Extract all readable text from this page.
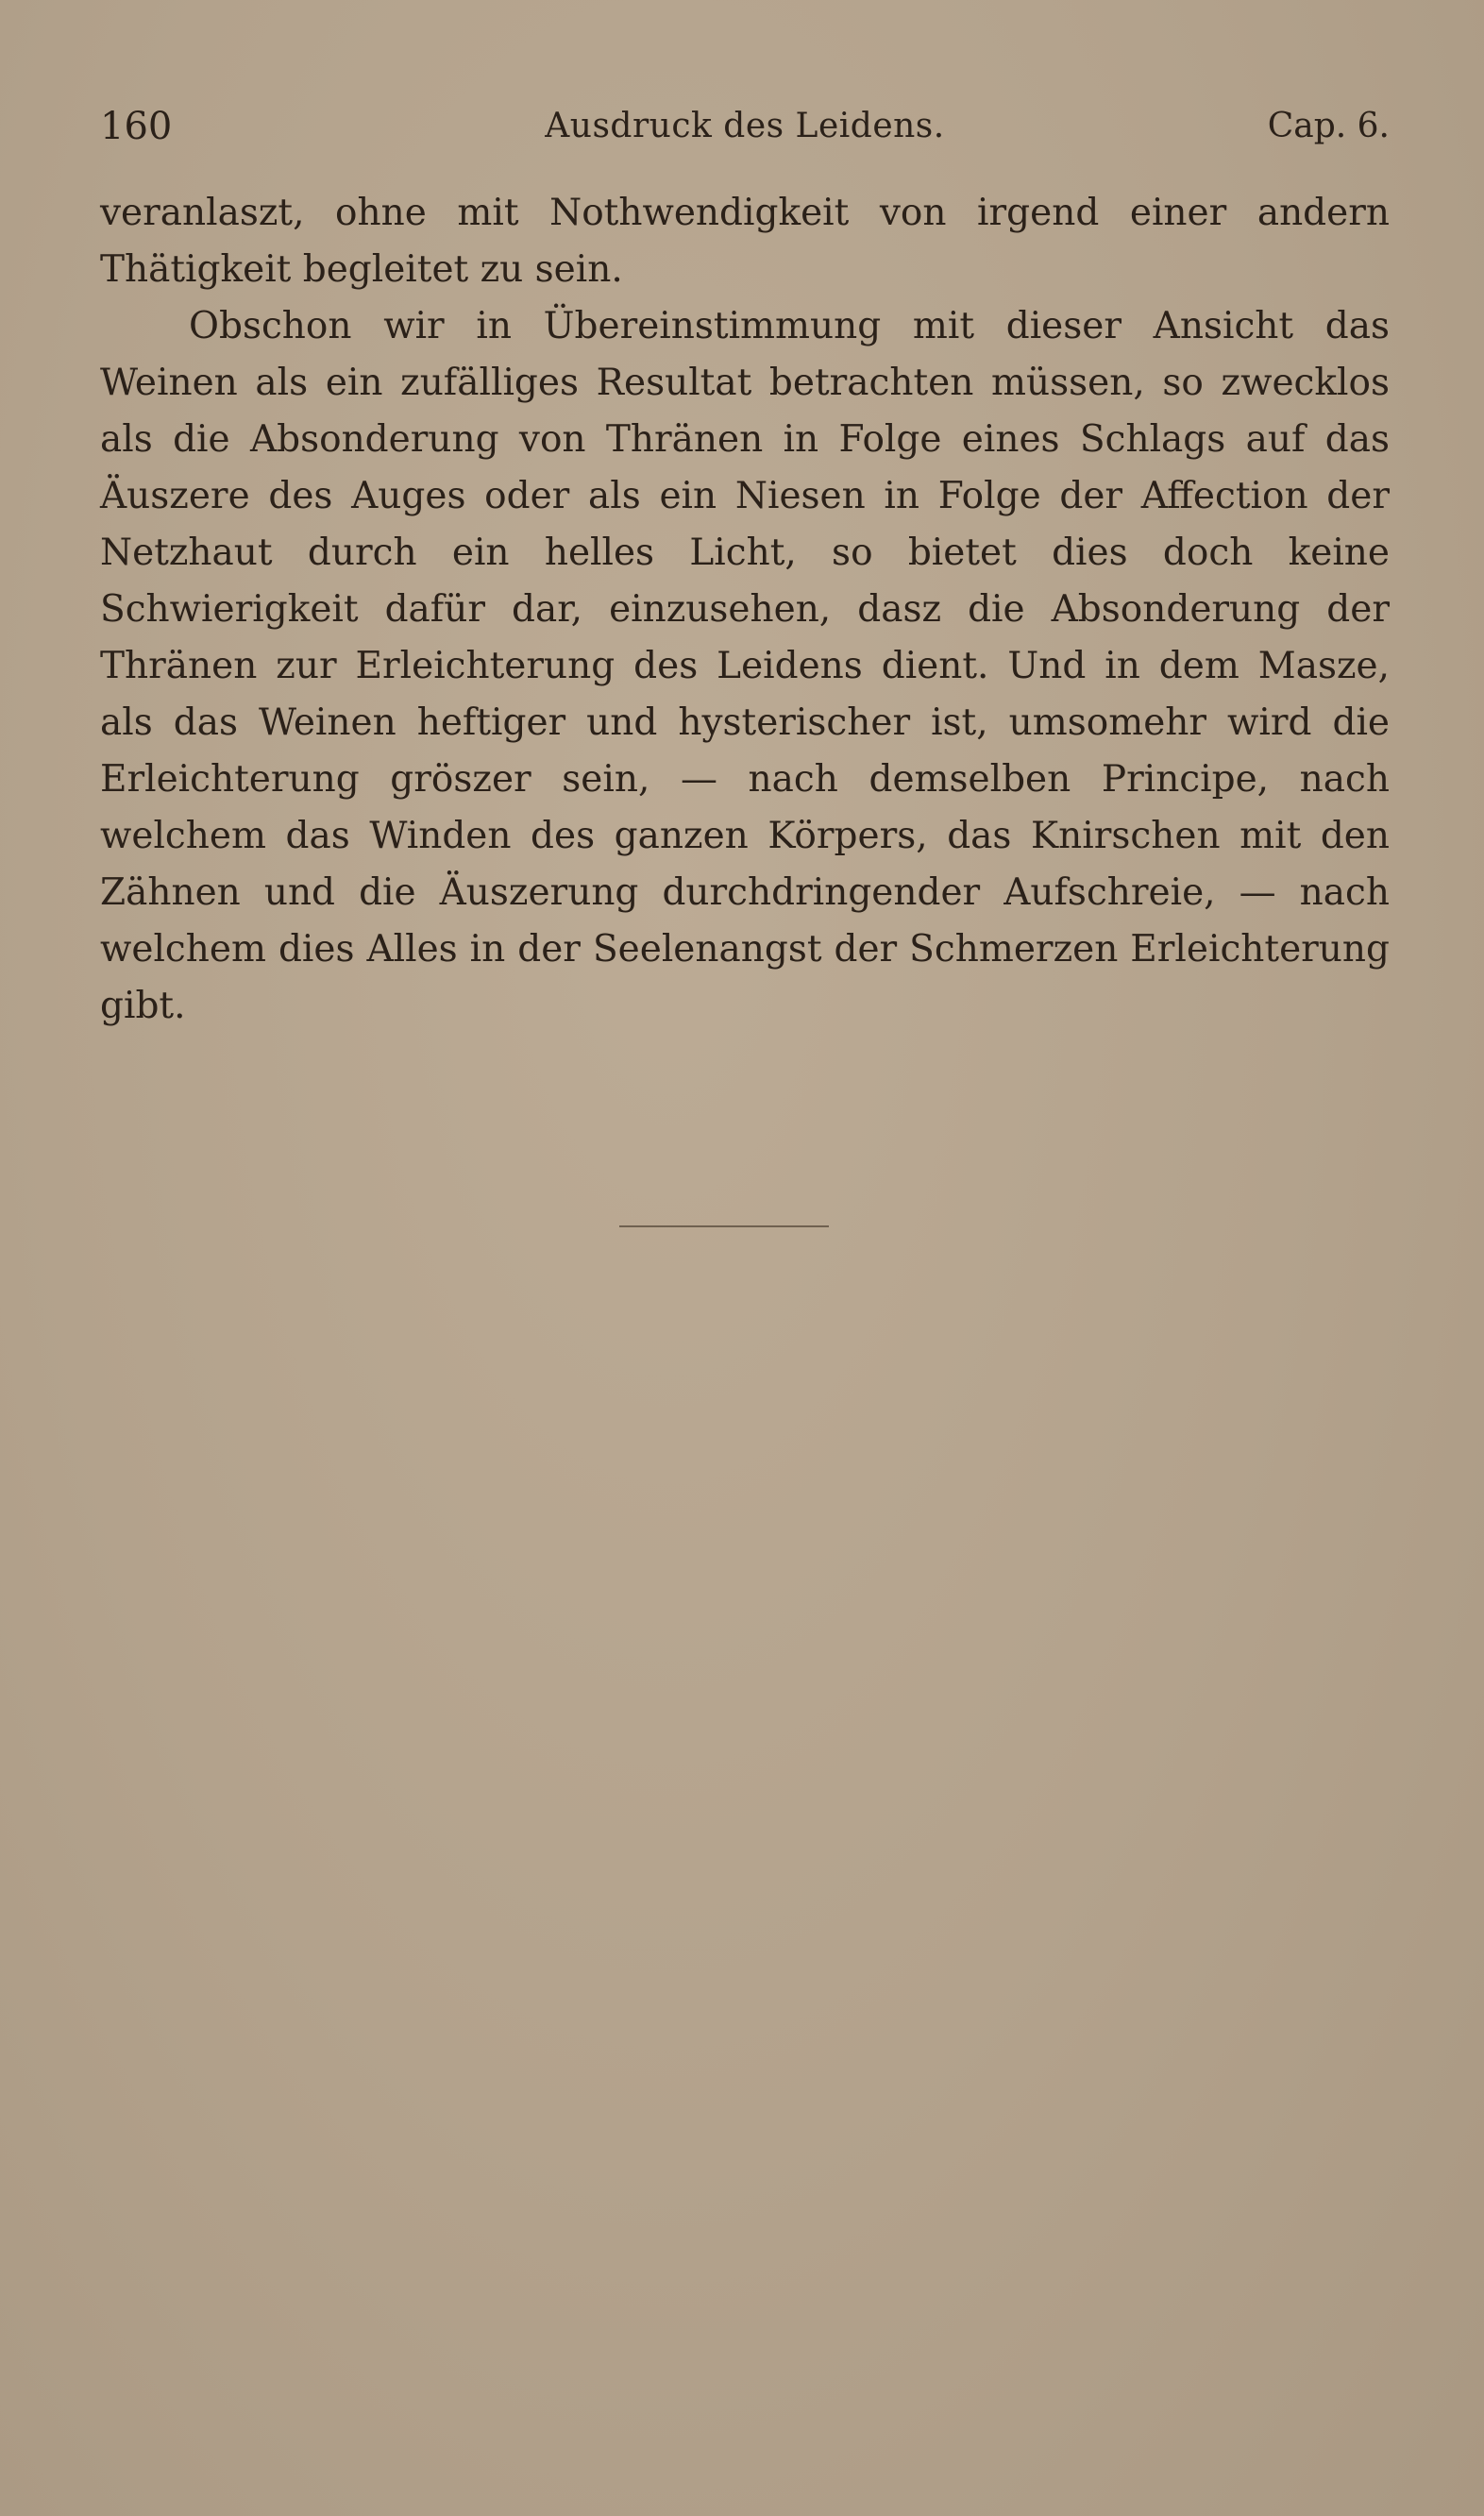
160	Ausdruck des Leidens.	Cap. 6.

veranlaszt, ohne mit Nothwendigkeit von irgend einer andern Thätigkeit begleitet zu sein.

Obschon wir in Übereinstimmung mit dieser Ansicht das Weinen als ein zufälliges Resultat betrachten müssen, so zwecklos als die Absonderung von Thränen in Folge eines Schlags auf das Äuszere des Auges oder als ein Niesen in Folge der Affection der Netzhaut durch ein helles Licht, so bietet dies doch keine Schwierigkeit dafür dar, einzusehen, dasz die Absonderung der Thränen zur Erleichterung des Leidens dient. Und in dem Masze, als das Weinen heftiger und hysterischer ist, umsomehr wird die Erleichterung gröszer sein, — nach demselben Principe, nach welchem das Winden des ganzen Körpers, das Knirschen mit den Zähnen und die Äuszerung durchdringender Aufschreie, — nach welchem dies Alles in der Seelenangst der Schmerzen Erleichterung gibt.
